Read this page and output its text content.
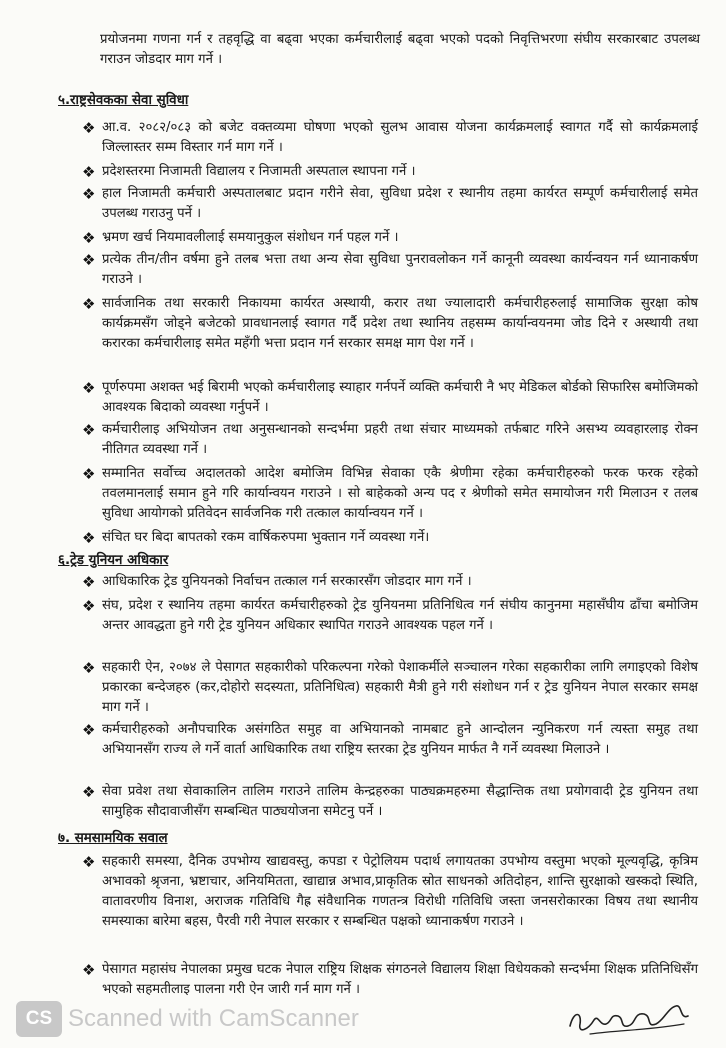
प्रयोजनमा गणना गर्न र तहवृद्धि वा बढ्‍वा भएका कर्मचारीलाई बढ्‍वा भएको पदको निवृत्तिभरणा संघीय सरकारबाट उपलब्ध गराउन जोडदार माग गर्ने ।
५.राष्ट्रसेवकका सेवा सुविधा
❖ आ.व. २०८२/०८३ को बजेट वक्तव्यमा घोषणा भएको सुलभ आवास योजना कार्यक्रमलाई स्वागत गर्दै सो कार्यक्रमलाई जिल्लास्तर सम्म विस्तार गर्न माग गर्ने ।
❖ प्रदेशस्तरमा निजामती विद्यालय र निजामती अस्पताल स्थापना गर्ने ।
❖ हाल निजामती कर्मचारी अस्पतालबाट प्रदान गरीने सेवा, सुविधा प्रदेश र स्थानीय तहमा कार्यरत सम्पूर्ण कर्मचारीलाई समेत उपलब्ध गराउनु पर्ने ।
❖ भ्रमण खर्च नियमावलीलाई समयानुकुल संशोधन गर्न पहल गर्ने ।
❖ प्रत्येक तीन/तीन वर्षमा हुने तलब भत्ता तथा अन्य सेवा सुविधा पुनरावलोकन गर्ने कानूनी व्यवस्था कार्यन्वयन गर्न ध्यानाकर्षण गराउने ।
❖ सार्वजानिक तथा सरकारी निकायमा कार्यरत अस्थायी, करार तथा ज्यालादारी कर्मचारीहरुलाई सामाजिक सुरक्षा कोष कार्यक्रमसँग जोड्ने बजेटको प्रावधानलाई स्वागत गर्दै प्रदेश तथा स्थानिय तहसम्म कार्यान्वयनमा जोड दिने र अस्थायी तथा करारका कर्मचारीलाइ समेत महँगी भत्ता प्रदान गर्न सरकार समक्ष माग पेश गर्ने ।
❖ पूर्णरुपमा अशक्त भई बिरामी भएको कर्मचारीलाइ स्याहार गर्नपर्ने व्यक्ति कर्मचारी नै भए मेडिकल बोर्डको सिफारिस बमोजिमको आवश्यक बिदाको व्यवस्था गर्नुपर्ने ।
❖ कर्मचारीलाइ अभियोजन तथा अनुसन्धानको सन्दर्भमा प्रहरी तथा संचार माध्यमको तर्फबाट गरिने असभ्य व्यवहारलाइ रोक्न नीतिगत व्यवस्था गर्ने ।
❖ सम्मानित सर्वोच्च अदालतको आदेश बमोजिम विभिन्न सेवाका एकै श्रेणीमा रहेका कर्मचारीहरुको फरक फरक रहेको तवलमानलाई समान हुने गरि कार्यान्वयन गराउने । सो बाहेकको अन्य पद र श्रेणीको समेत समायोजन गरी मिलाउन र तलब सुविधा आयोगको प्रतिवेदन सार्वजनिक गरी तत्काल कार्यान्वयन गर्ने ।
❖ संचित घर बिदा बापतको रकम वार्षिकरुपमा भुक्तान गर्ने व्यवस्था गर्ने।
६.ट्रेड युनियन अधिकार
❖ आधिकारिक ट्रेड युनियनको निर्वाचन तत्काल गर्न सरकारसँग जोडदार माग गर्ने ।
❖ संघ, प्रदेश र स्थानिय तहमा कार्यरत कर्मचारीहरुको ट्रेड युनियनमा प्रतिनिधित्व गर्न संघीय कानुनमा महासँघीय ढाँचा बमोजिम अन्तर आवद्धता हुने गरी ट्रेड युनियन अधिकार स्थापित गराउने आवश्यक पहल गर्ने ।
❖ सहकारी ऐन, २०७४ ले पेसागत सहकारीको परिकल्पना गरेको पेशाकर्मीले सञ्चालन गरेका सहकारीका लागि लगाइएको विशेष प्रकारका बन्देजहरु (कर,दोहोरो सदस्यता, प्रतिनिधित्व) सहकारी मैत्री हुने गरी संशोधन गर्न र ट्रेड युनियन नेपाल सरकार समक्ष माग गर्ने ।
❖ कर्मचारीहरुको अनौपचारिक असंगठित समुह वा अभियानको नामबाट हुने आन्दोलन न्युनिकरण गर्न त्यस्ता समुह तथा अभियानसँग राज्य ले गर्ने वार्ता आधिकारिक तथा राष्ट्रिय स्तरका ट्रेड युनियन मार्फत नै गर्ने व्यवस्था मिलाउने ।
❖ सेवा प्रवेश तथा सेवाकालिन तालिम गराउने तालिम केन्द्रहरुका पाठ्यक्रमहरुमा सैद्धान्तिक तथा प्रयोगवादी ट्रेड युनियन तथा सामुहिक सौदावाजीसँग सम्बन्धित पाठ्ययोजना समेटनु पर्ने ।
७. समसामयिक सवाल
❖ सहकारी समस्या, दैनिक उपभोग्य खाद्यवस्तु, कपडा र पेट्रोलियम पदार्थ लगायतका उपभोग्य वस्तुमा भएको मूल्यवृद्धि, कृत्रिम अभावको श्रृजना, भ्रष्टाचार, अनियमितता, खाद्यान्न अभाव,प्राकृतिक स्रोत साधनको अतिदोहन, शान्ति सुरक्षाको खस्कदो स्थिति, वातावरणीय विनाश, अराजक गतिविधि गैह्र संवैधानिक गणतन्त्र विरोधी गतिविधि जस्ता जनसरोकारका विषय तथा स्थानीय समस्याका बारेमा बहस, पैरवी गरी नेपाल सरकार र सम्बन्धित पक्षको ध्यानाकर्षण गराउने ।
❖ पेसागत महासंघ नेपालका प्रमुख घटक नेपाल राष्ट्रिय शिक्षक संगठनले विद्यालय शिक्षा विधेयकको सन्दर्भमा शिक्षक प्रतिनिधिसँग भएको सहमतीलाइ पालना गरी ऐन जारी गर्न माग गर्ने ।
CS Scanned with CamScanner
